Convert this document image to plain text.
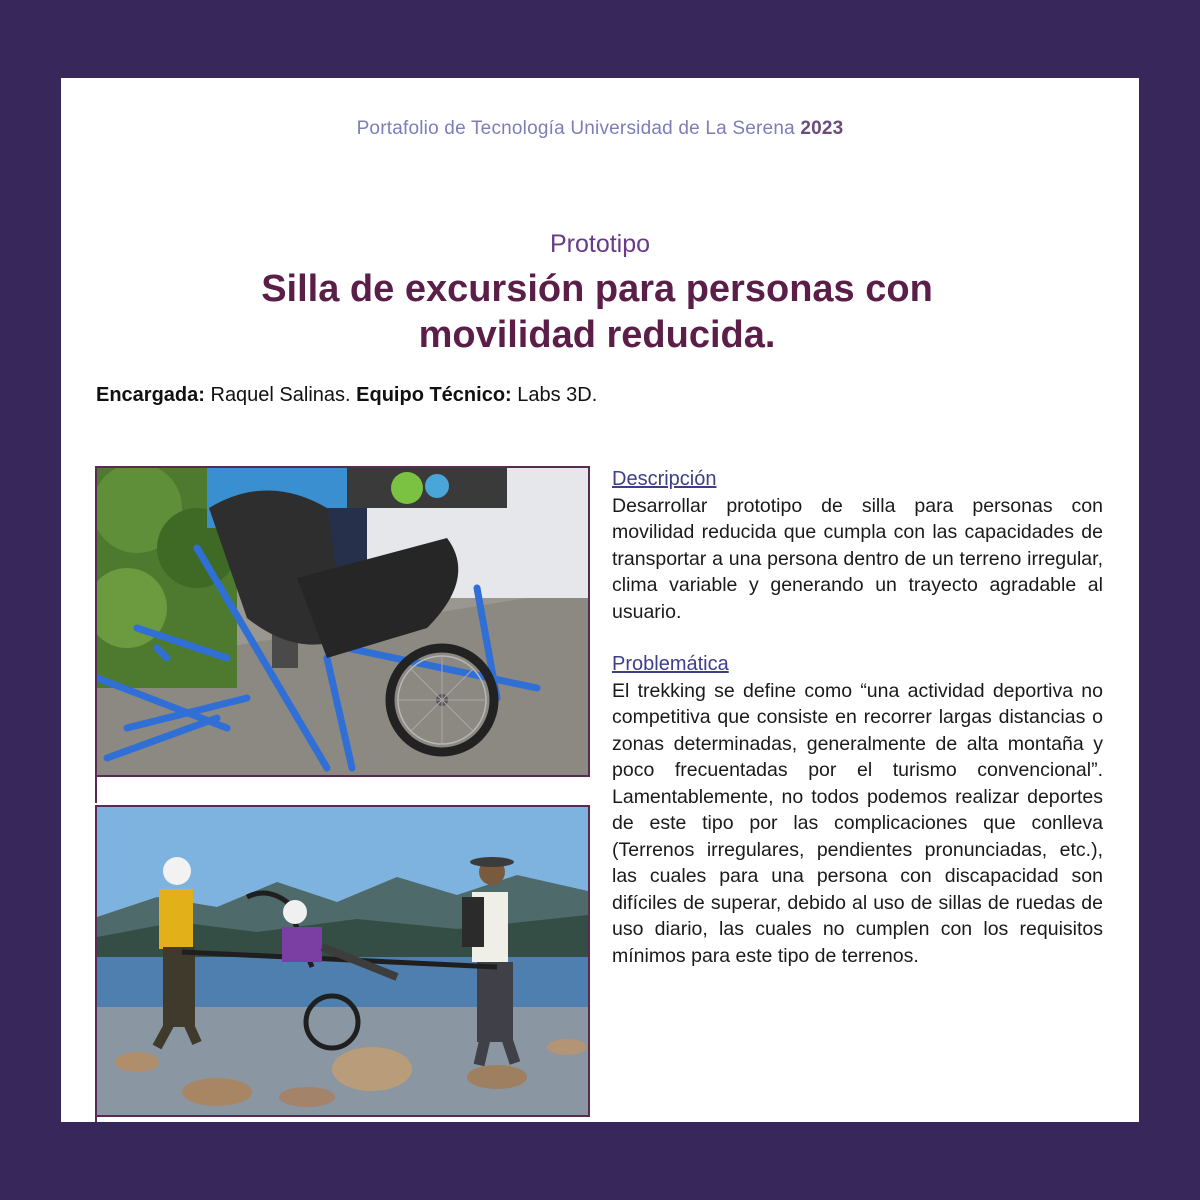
Portafolio de Tecnología Universidad de La Serena 2023
Prototipo
Silla de excursión para personas con movilidad reducida.
Encargada: Raquel Salinas. Equipo Técnico: Labs 3D.
Descripción

Desarrollar prototipo de silla para personas con movilidad reducida que cumpla con las capacidades de transportar a una persona dentro de un terreno irregular, clima variable y generando un trayecto agradable al usuario.

Problemática

El trekking se define como “una actividad deportiva no competitiva que consiste en recorrer largas distancias o zonas determinadas, generalmente de alta montaña y poco frecuentadas por el turismo convencional”. Lamentablemente, no todos podemos realizar deportes de este tipo por las complicaciones que conlleva (Terrenos irregulares, pendientes pronunciadas, etc.), las cuales para una persona con discapacidad son difíciles de superar, debido al uso de sillas de ruedas de uso diario, las cuales no cumplen con los requisitos mínimos para este tipo de terrenos.
